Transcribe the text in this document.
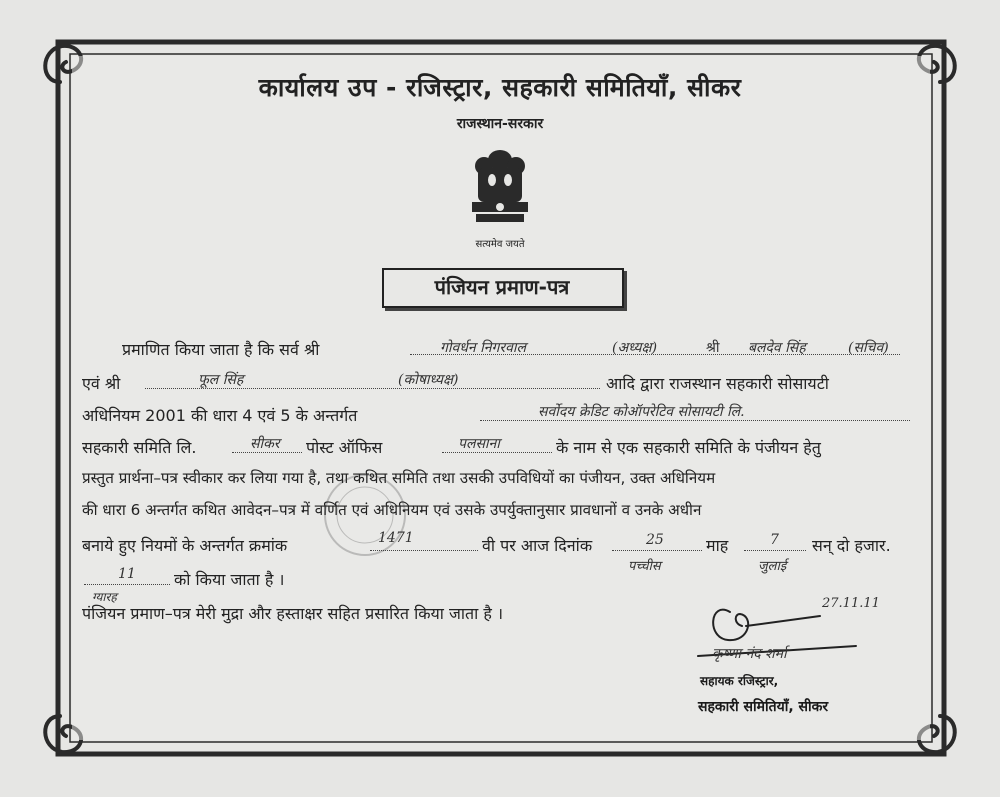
कार्यालय उप - रजिस्ट्रार, सहकारी समितियाँ, सीकर
राजस्थान-सरकार
सत्यमेव जयते
पंजियन प्रमाण-पत्र
प्रमाणित किया जाता है कि सर्व श्री	गोवर्धन निगरवाल	(अध्यक्ष)	श्री बलदेव सिंह	(सचिव)
एवं श्री	फूल सिंह	(कोषाध्यक्ष)	आदि द्वारा राजस्थान सहकारी सोसायटी
अधिनियम 2001 की धारा 4 एवं 5 के अन्तर्गत	सर्वोदय क्रेडिट कोऑपरेटिव सोसायटी लि.
सहकारी समिति लि.	सीकर पोस्ट ऑफिस	पलसाना	के नाम से एक सहकारी समिति के पंजीयन हेतु
प्रस्तुत प्रार्थना–पत्र स्वीकार कर लिया गया है, तथा कथित समिति तथा उसकी उपविधियों का पंजीयन, उक्त अधिनियम
की धारा 6 अन्तर्गत कथित आवेदन–पत्र में वर्णित एवं अधिनियम एवं उसके उपर्युक्तानुसार प्रावधानों व उनके अधीन
बनाये हुए नियमों के अन्तर्गत क्रमांक	1471	वी पर आज दिनांक	25
पच्चीस
माह	7
जुलाई
सन् दो हजार.
11
ग्यारह
को किया जाता है ।
पंजियन प्रमाण–पत्र मेरी मुद्रा और हस्ताक्षर सहित प्रसारित किया जाता है ।
27.11.11
कृष्णा नंद शर्मा
सहायक रजिस्ट्रार,
सहकारी समितियाँ, सीकर
